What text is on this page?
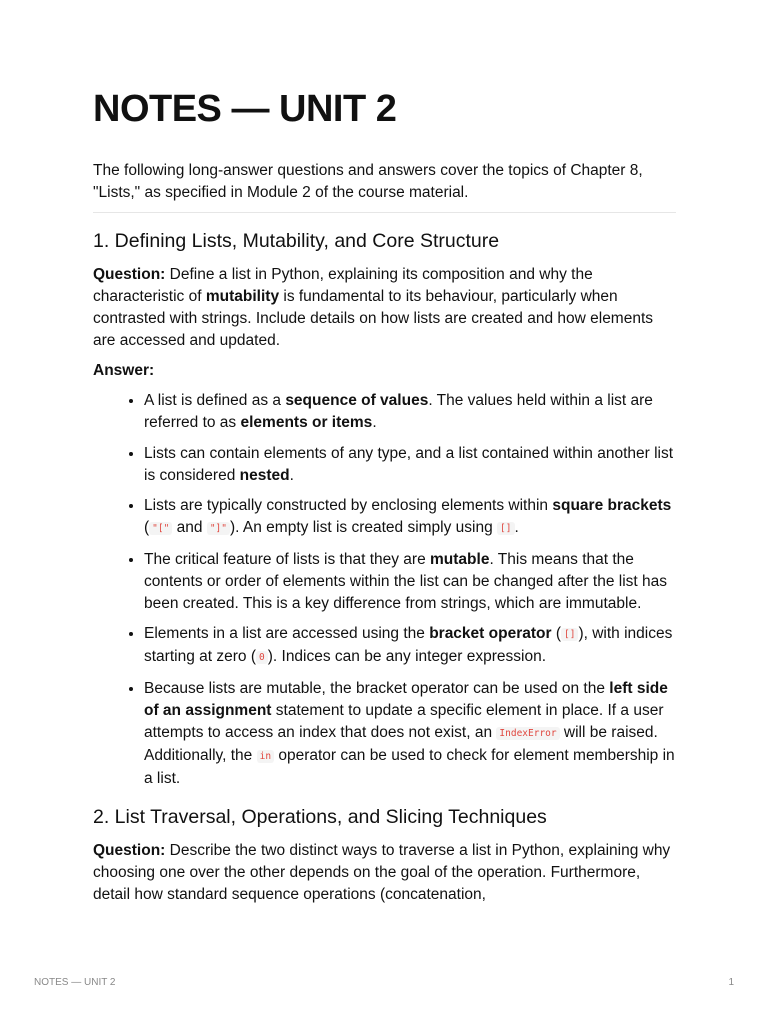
NOTES — UNIT 2

The following long-answer questions and answers cover the topics of Chapter 8, "Lists," as specified in Module 2 of the course material.

1. Defining Lists, Mutability, and Core Structure

Question: Define a list in Python, explaining its composition and why the characteristic of mutability is fundamental to its behaviour, particularly when contrasted with strings. Include details on how lists are created and how elements are accessed and updated.

Answer:

• A list is defined as a sequence of values. The values held within a list are referred to as elements or items.
• Lists can contain elements of any type, and a list contained within another list is considered nested.
• Lists are typically constructed by enclosing elements within square brackets ( "[" and "]" ). An empty list is created simply using [] .
• The critical feature of lists is that they are mutable. This means that the contents or order of elements within the list can be changed after the list has been created. This is a key difference from strings, which are immutable.
• Elements in a list are accessed using the bracket operator ( [] ), with indices starting at zero ( 0 ). Indices can be any integer expression.
• Because lists are mutable, the bracket operator can be used on the left side of an assignment statement to update a specific element in place. If a user attempts to access an index that does not exist, an IndexError will be raised. Additionally, the in operator can be used to check for element membership in a list.
2. List Traversal, Operations, and Slicing Techniques

Question: Describe the two distinct ways to traverse a list in Python, explaining why choosing one over the other depends on the goal of the operation. Furthermore, detail how standard sequence operations (concatenation,

NOTES — UNIT 2	1
